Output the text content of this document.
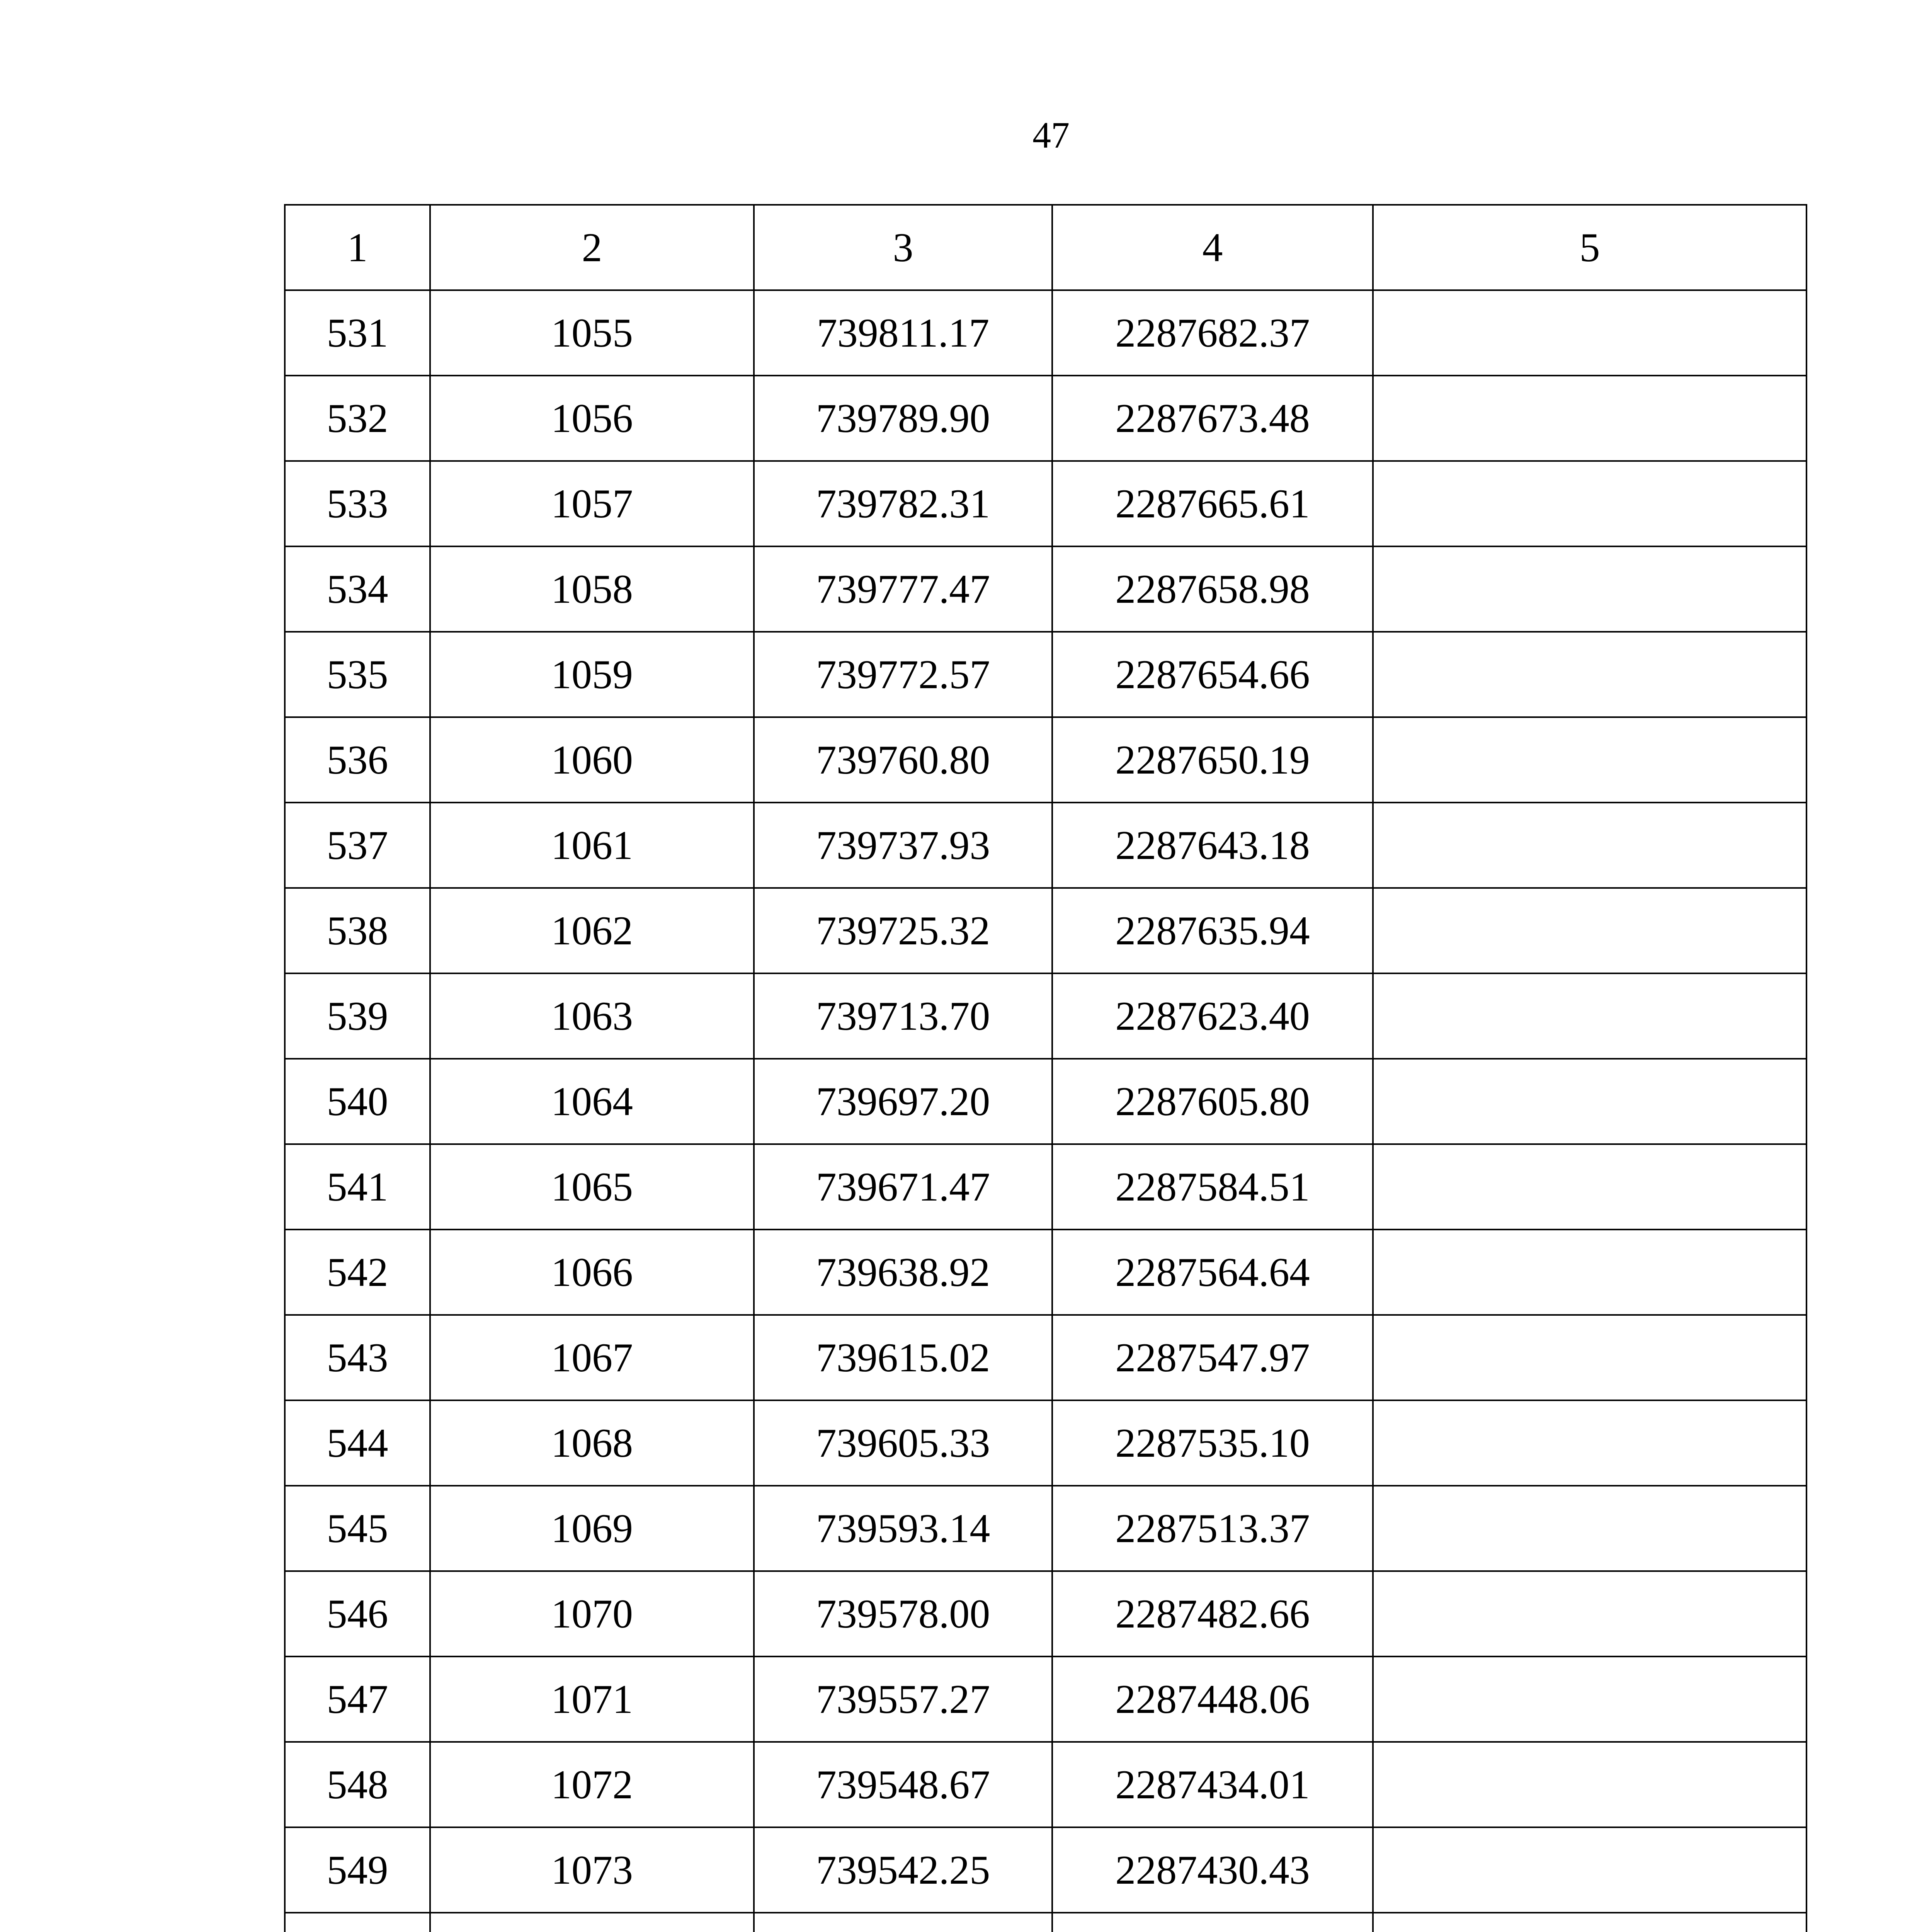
47
1	2	3	4	5
531	1055	739811.17	2287682.37	
532	1056	739789.90	2287673.48	
533	1057	739782.31	2287665.61	
534	1058	739777.47	2287658.98	
535	1059	739772.57	2287654.66	
536	1060	739760.80	2287650.19	
537	1061	739737.93	2287643.18	
538	1062	739725.32	2287635.94	
539	1063	739713.70	2287623.40	
540	1064	739697.20	2287605.80	
541	1065	739671.47	2287584.51	
542	1066	739638.92	2287564.64	
543	1067	739615.02	2287547.97	
544	1068	739605.33	2287535.10	
545	1069	739593.14	2287513.37	
546	1070	739578.00	2287482.66	
547	1071	739557.27	2287448.06	
548	1072	739548.67	2287434.01	
549	1073	739542.25	2287430.43	
